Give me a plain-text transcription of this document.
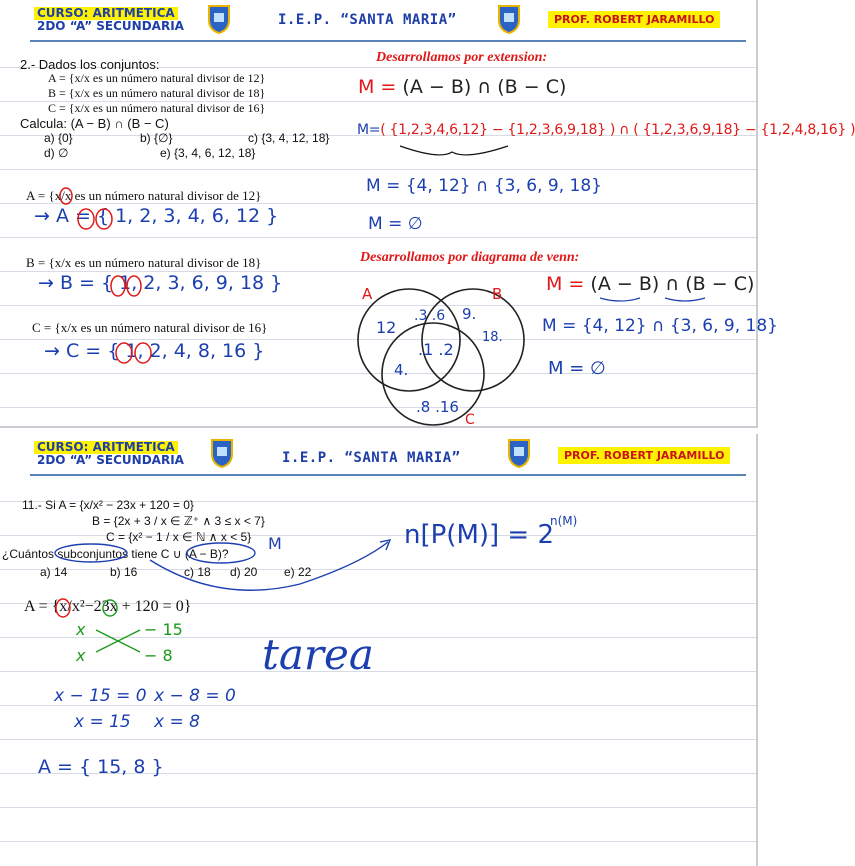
CURSO: ARITMETICA
2DO “A” SECUNDARIA	I.E.P. “SANTA MARIA”	PROF. ROBERT JARAMILLO
2.- Dados los conjuntos:
A = {x/x es un número natural divisor de 12}
B = {x/x es un número natural divisor de 18}
C = {x/x es un número natural divisor de 16}
Calcula: (A − B) ∩ (B − C)
a) {0}	b) {∅}	c) {3, 4, 12, 18}
d) ∅	e) {3, 4, 6, 12, 18}
A = {x/x es un número natural divisor de 12}
→ A = { 1, 2, 3, 4, 6, 12 }
B = {x/x es un número natural divisor de 18}
→ B = { 1, 2, 3, 6, 9, 18 }
C = {x/x es un número natural divisor de 16}
→ C = { 1, 2, 4, 8, 16 }
Desarrollamos por extension:
M = (A − B) ∩ (B − C)
M=( {1,2,3,4,6,12} − {1,2,3,6,9,18} ) ∩ ( {1,2,3,6,9,18} − {1,2,4,8,16} )
M = {4, 12} ∩ {3, 6, 9, 18}
M = ∅
Desarrollamos por diagrama de venn:
A	B
C
12
.3 .6 9.
18.
.1 .2
4.
.8 .16
M = (A − B) ∩ (B − C)
M = {4, 12} ∩ {3, 6, 9, 18}
M = ∅
CURSO: ARITMETICA
2DO “A” SECUNDARIA	I.E.P. “SANTA MARIA”	PROF. ROBERT JARAMILLO
11.- Si A = {x/x² − 23x + 120 = 0}
B = {2x + 3 / x ∈ ℤ⁺ ∧ 3 ≤ x < 7}
C = {x² − 1 / x ∈ ℕ ∧ x < 5}
¿Cuántos subconjuntos tiene C ∪ (A − B)?
a) 14	b) 16	c) 18 d) 20 e) 22
M	n[P(M)] = 2
n(M)
tarea
A = {x/x²−23x + 120 = 0}
x	− 15
x	− 8
x − 15 = 0 x − 8 = 0
x = 15 x = 8
A = { 15, 8 }
